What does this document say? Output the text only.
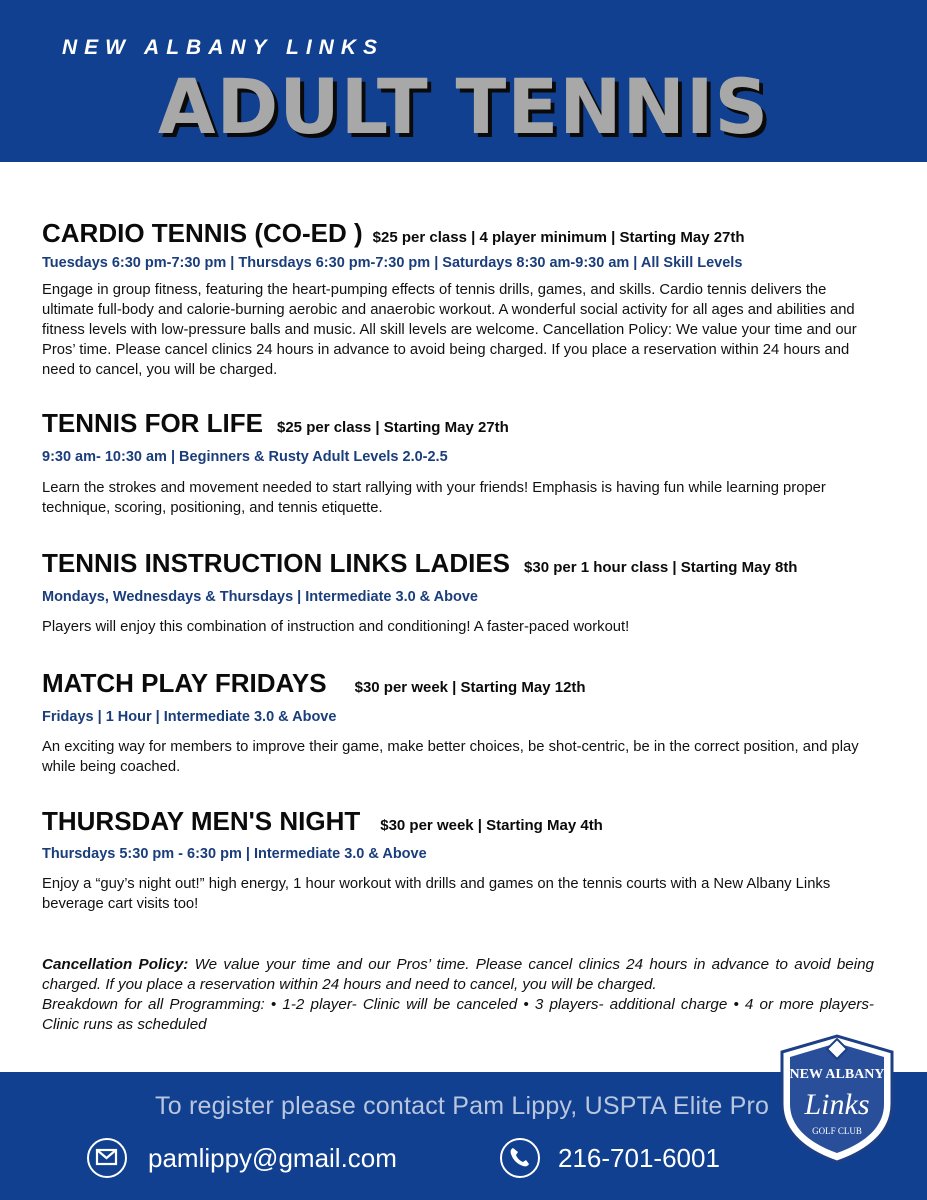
NEW ALBANY LINKS
ADULT TENNIS
CARDIO TENNIS (CO-ED ) $25 per class | 4 player minimum | Starting May 27th
Tuesdays 6:30 pm-7:30 pm | Thursdays 6:30 pm-7:30 pm | Saturdays 8:30 am-9:30 am | All Skill Levels
Engage in group fitness, featuring the heart-pumping effects of tennis drills, games, and skills. Cardio tennis delivers the ultimate full-body and calorie-burning aerobic and anaerobic workout. A wonderful social activity for all ages and abilities and fitness levels with low-pressure balls and music. All skill levels are welcome. Cancellation Policy: We value your time and our Pros’ time. Please cancel clinics 24 hours in advance to avoid being charged. If you place a reservation within 24 hours and need to cancel, you will be charged.
TENNIS FOR LIFE $25 per class | Starting May 27th
9:30 am- 10:30 am | Beginners & Rusty Adult Levels 2.0-2.5
Learn the strokes and movement needed to start rallying with your friends! Emphasis is having fun while learning proper technique, scoring, positioning, and tennis etiquette.
TENNIS INSTRUCTION LINKS LADIES $30 per 1 hour class | Starting May 8th
Mondays, Wednesdays & Thursdays | Intermediate 3.0 & Above
Players will enjoy this combination of instruction and conditioning! A faster-paced workout!
MATCH PLAY FRIDAYS $30 per week | Starting May 12th
Fridays | 1 Hour | Intermediate 3.0 & Above
An exciting way for members to improve their game, make better choices, be shot-centric, be in the correct position, and play while being coached.
THURSDAY MEN'S NIGHT $30 per week | Starting May 4th
Thursdays 5:30 pm - 6:30 pm | Intermediate 3.0 & Above
Enjoy a “guy’s night out!” high energy, 1 hour workout with drills and games on the tennis courts with a New Albany Links beverage cart visits too!
Cancellation Policy: We value your time and our Pros’ time. Please cancel clinics 24 hours in advance to avoid being charged. If you place a reservation within 24 hours and need to cancel, you will be charged.
Breakdown for all Programming: • 1-2 player- Clinic will be canceled • 3 players- additional charge • 4 or more players- Clinic runs as scheduled
To register please contact Pam Lippy, USPTA Elite Pro
pamlippy@gmail.com	216-701-6001
NEW ALBANY
Links
GOLF CLUB
